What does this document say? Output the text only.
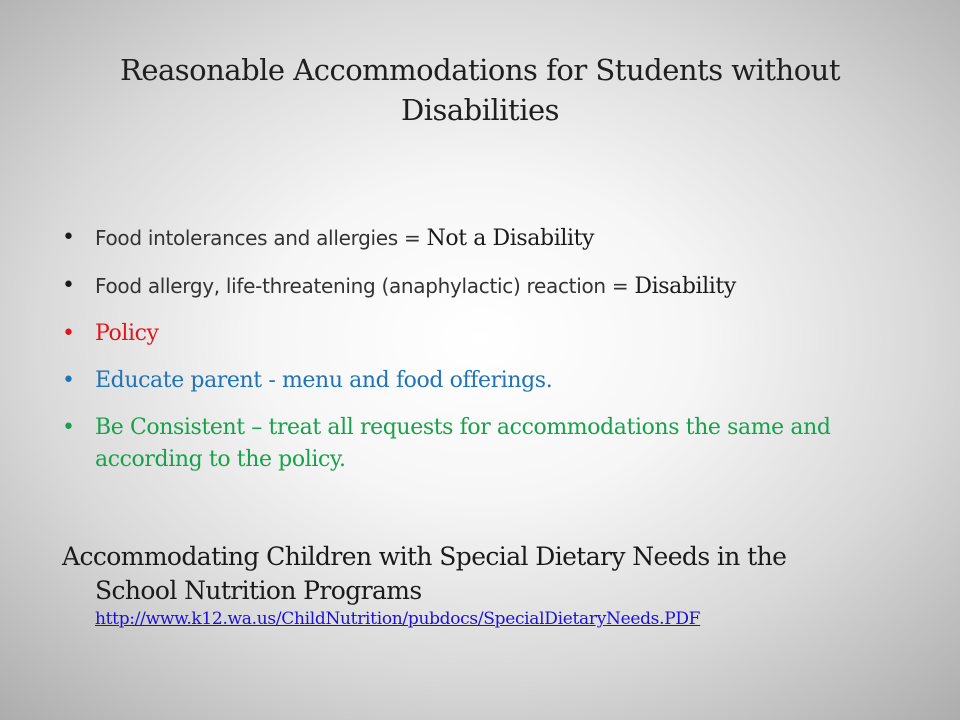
Reasonable Accommodations for Students without Disabilities
•	Food intolerances and allergies = Not a Disability
•	Food allergy, life-threatening (anaphylactic) reaction = Disability
• Policy
• Educate parent - menu and food offerings.
• Be Consistent – treat all requests for accommodations the same and according to the policy.
Accommodating Children with Special Dietary Needs in the
School Nutrition Programs
http://www.k12.wa.us/ChildNutrition/pubdocs/SpecialDietaryNeeds.PDF
